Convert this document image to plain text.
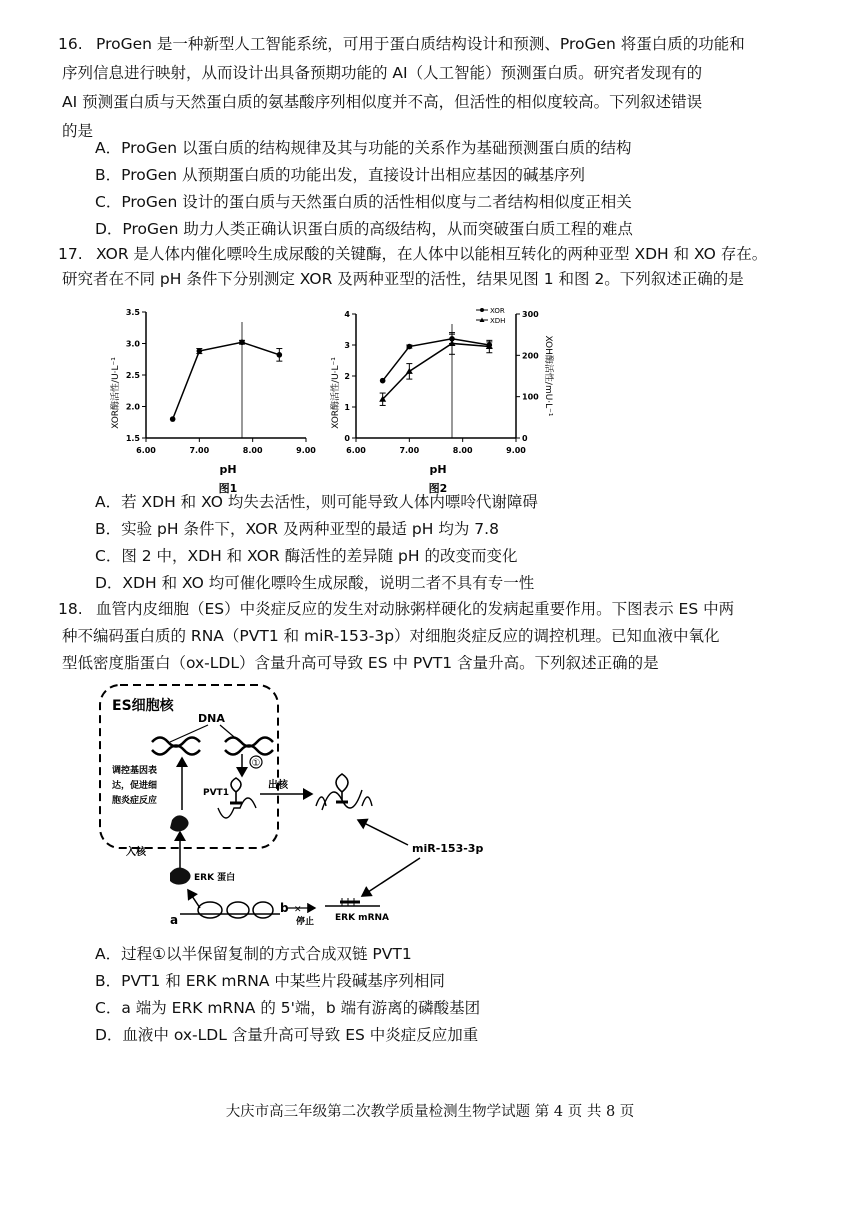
16. ProGen 是一种新型人工智能系统，可用于蛋白质结构设计和预测、ProGen 将蛋白质的功能和
序列信息进行映射，从而设计出具备预期功能的 AI（人工智能）预测蛋白质。研究者发现有的
AI 预测蛋白质与天然蛋白质的氨基酸序列相似度并不高，但活性的相似度较高。下列叙述错误
的是
A．ProGen 以蛋白质的结构规律及其与功能的关系作为基础预测蛋白质的结构
B．ProGen 从预期蛋白质的功能出发，直接设计出相应基因的碱基序列
C．ProGen 设计的蛋白质与天然蛋白质的活性相似度与二者结构相似度正相关
D．ProGen 助力人类正确认识蛋白质的高级结构，从而突破蛋白质工程的难点
17. XOR 是人体内催化嘌呤生成尿酸的关键酶，在人体中以能相互转化的两种亚型 XDH 和 XO 存在。
研究者在不同 pH 条件下分别测定 XOR 及两种亚型的活性，结果见图 1 和图 2。下列叙述正确的是
XOR酶活性/U·L⁻¹
pH
图1
6.00	7.00	8.00	9.00
1.5
2.0
2.5
3.0
3.5
XOR酶活性/U·L⁻¹	XOH酶活性/mU·L⁻¹
pH
图2
XOR
XDH
6.00	7.00	8.00	9.00
0
1
2
3
4
0
100
200
300
A．若 XDH 和 XO 均失去活性，则可能导致人体内嘌呤代谢障碍
B．实验 pH 条件下，XOR 及两种亚型的最适 pH 均为 7.8
C．图 2 中，XDH 和 XOR 酶活性的差异随 pH 的改变而变化
D．XDH 和 XO 均可催化嘌呤生成尿酸，说明二者不具有专一性
18. 血管内皮细胞（ES）中炎症反应的发生对动脉粥样硬化的发病起重要作用。下图表示 ES 中两
种不编码蛋白质的 RNA（PVT1 和 miR-153-3p）对细胞炎症反应的调控机理。已知血液中氧化
型低密度脂蛋白（ox-LDL）含量升高可导致 ES 中 PVT1 含量升高。下列叙述正确的是
ES细胞核
DNA
①
PVT1
出核
调控基因表
达，促进细
胞炎症反应
入核
ERK 蛋白
a
b ✕
停止 ERK mRNA
miR-153-3p
A．过程①以半保留复制的方式合成双链 PVT1
B．PVT1 和 ERK mRNA 中某些片段碱基序列相同
C．a 端为 ERK mRNA 的 5'端，b 端有游离的磷酸基团
D．血液中 ox-LDL 含量升高可导致 ES 中炎症反应加重
大庆市高三年级第二次教学质量检测生物学试题 第 4 页 共 8 页
